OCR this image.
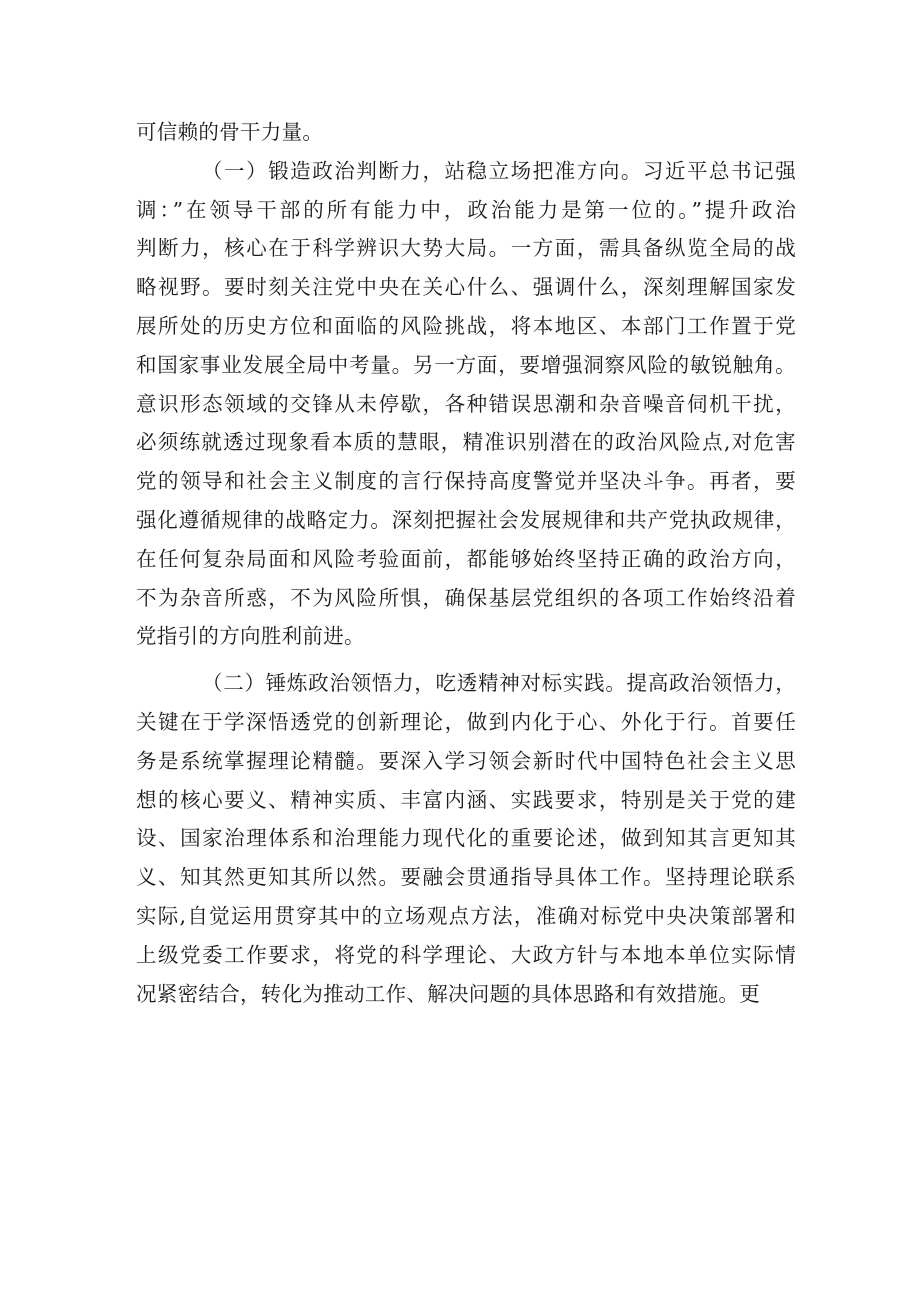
可信赖的骨干力量。
（一）锻造政治判断力，站稳立场把准方向。习近平总书记强
调：”在领导干部的所有能力中，政治能力是第一位的。”提升政治
判断力，核心在于科学辨识大势大局。一方面，需具备纵览全局的战
略视野。要时刻关注党中央在关心什么、强调什么，深刻理解国家发
展所处的历史方位和面临的风险挑战，将本地区、本部门工作置于党
和国家事业发展全局中考量。另一方面，要增强洞察风险的敏锐触角。
意识形态领域的交锋从未停歇，各种错误思潮和杂音噪音伺机干扰，
必须练就透过现象看本质的慧眼，精准识别潜在的政治风险点,对危害
党的领导和社会主义制度的言行保持高度警觉并坚决斗争。再者，要
强化遵循规律的战略定力。深刻把握社会发展规律和共产党执政规律，
在任何复杂局面和风险考验面前，都能够始终坚持正确的政治方向，
不为杂音所惑，不为风险所惧，确保基层党组织的各项工作始终沿着
党指引的方向胜利前进。
（二）锤炼政治领悟力，吃透精神对标实践。提高政治领悟力，
关键在于学深悟透党的创新理论，做到内化于心、外化于行。首要任
务是系统掌握理论精髓。要深入学习领会新时代中国特色社会主义思
想的核心要义、精神实质、丰富内涵、实践要求，特别是关于党的建
设、国家治理体系和治理能力现代化的重要论述，做到知其言更知其
义、知其然更知其所以然。要融会贯通指导具体工作。坚持理论联系
实际,自觉运用贯穿其中的立场观点方法，准确对标党中央决策部署和
上级党委工作要求，将党的科学理论、大政方针与本地本单位实际情
况紧密结合，转化为推动工作、解决问题的具体思路和有效措施。更
